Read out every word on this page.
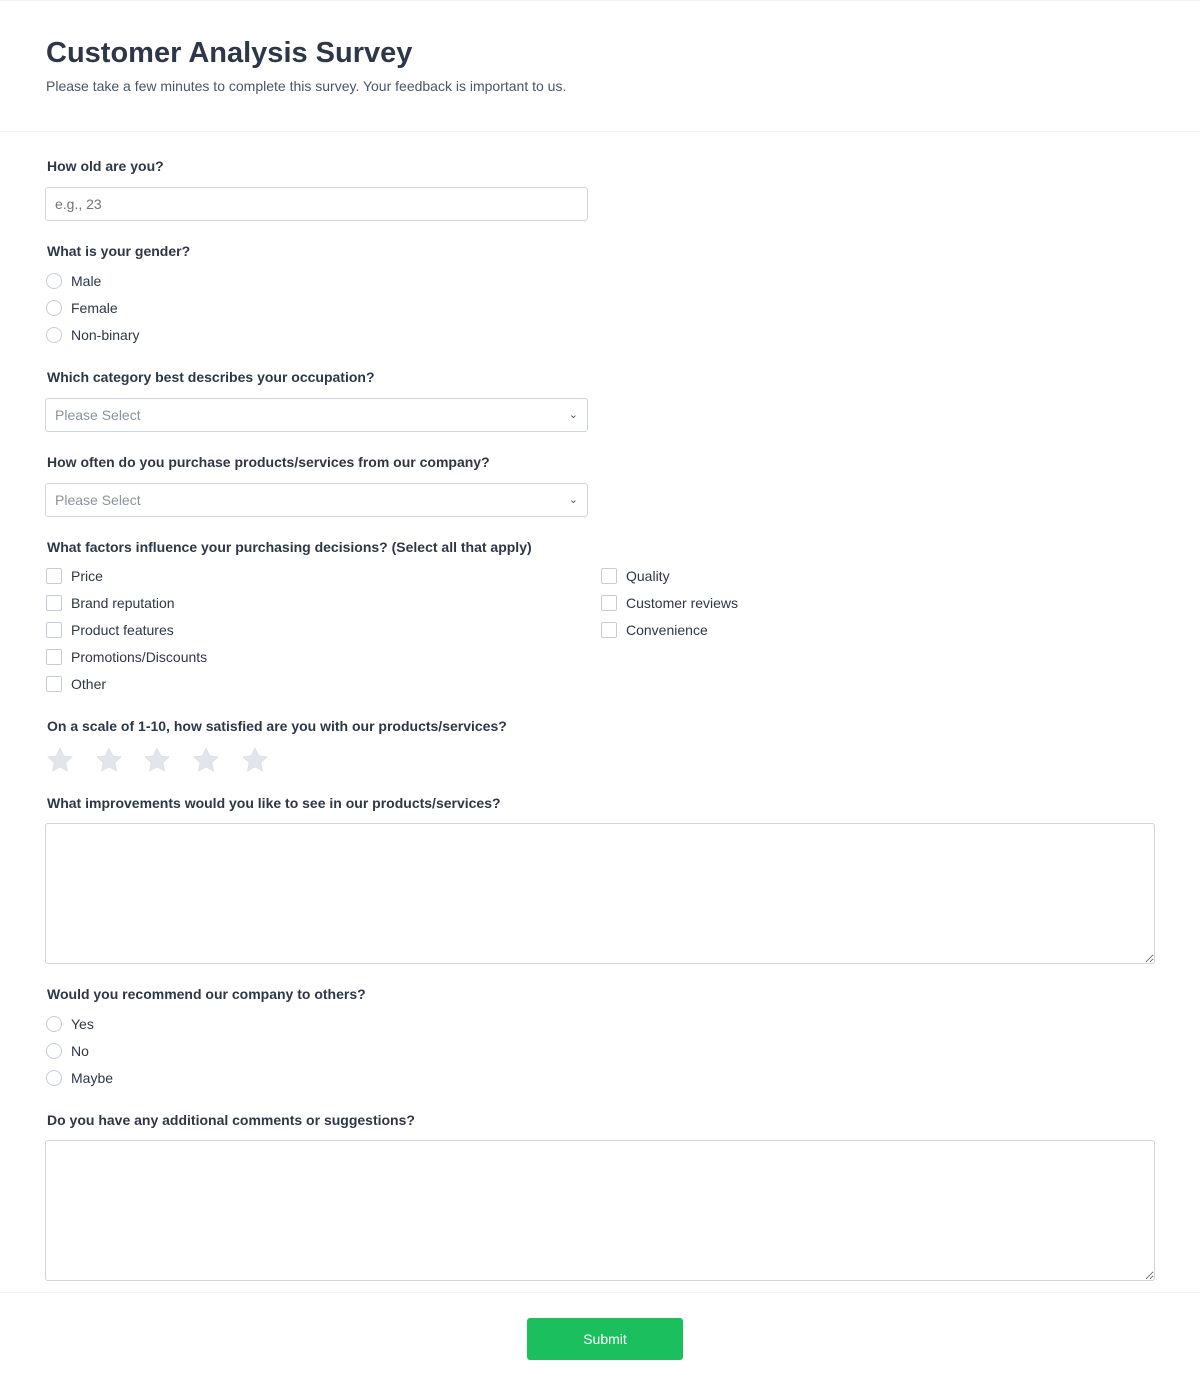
Customer Analysis Survey
Please take a few minutes to complete this survey. Your feedback is important to us.
How old are you?
e.g., 23
What is your gender?
Male
Female
Non-binary
Which category best describes your occupation?
Please Select	⌄
How often do you purchase products/services from our company?
Please Select	⌄
What factors influence your purchasing decisions? (Select all that apply)
Price
Brand reputation
Product features
Promotions/Discounts
Other
Quality
Customer reviews
Convenience
On a scale of 1-10, how satisfied are you with our products/services?
What improvements would you like to see in our products/services?
Would you recommend our company to others?
Yes
No
Maybe
Do you have any additional comments or suggestions?
Submit
